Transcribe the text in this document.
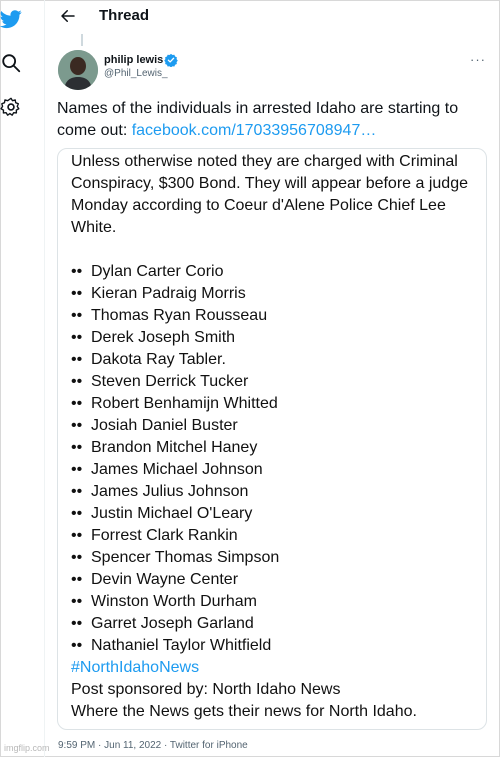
Thread
philip lewis
@Phil_Lewis_
···
Names of the individuals in arrested Idaho are starting to come out: facebook.com/17033956708947…
Unless otherwise noted they are charged with Criminal Conspiracy, $300 Bond. They will appear before a judge Monday according to Coeur d'Alene Police Chief Lee White.
•• Dylan Carter Corio
•• Kieran Padraig Morris
•• Thomas Ryan Rousseau
•• Derek Joseph Smith
•• Dakota Ray Tabler.
•• Steven Derrick Tucker
•• Robert Benhamijn Whitted
•• Josiah Daniel Buster
•• Brandon Mitchel Haney
•• James Michael Johnson
•• James Julius Johnson
•• Justin Michael O'Leary
•• Forrest Clark Rankin
•• Spencer Thomas Simpson
•• Devin Wayne Center
•• Winston Worth Durham
•• Garret Joseph Garland
•• Nathaniel Taylor Whitfield
#NorthIdahoNews
Post sponsored by: North Idaho News
Where the News gets their news for North Idaho.
9:59 PM · Jun 11, 2022 · Twitter for iPhone
imgflip.com
